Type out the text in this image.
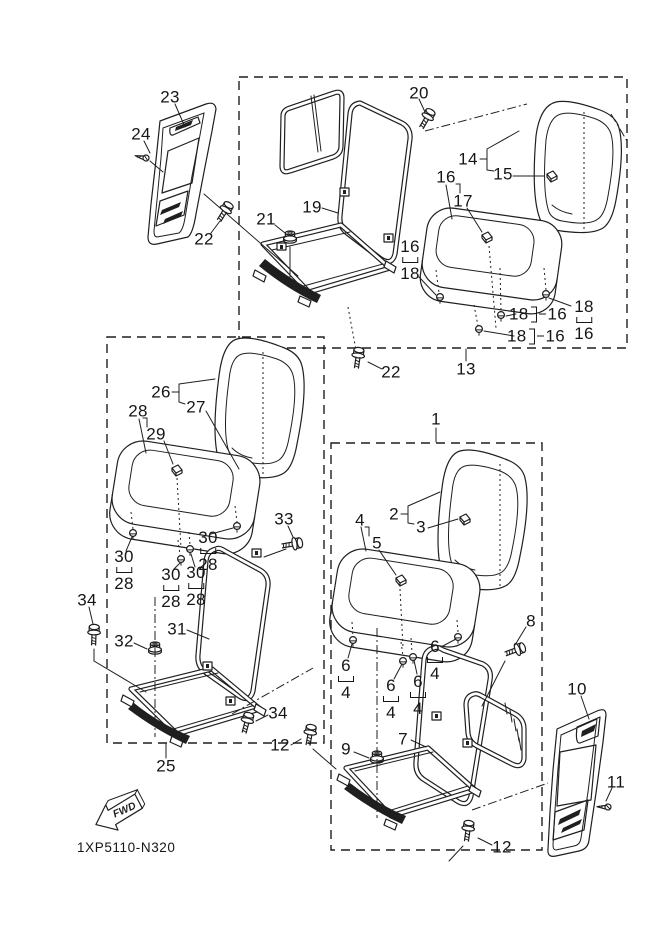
FWD
23
24
20
19
21
22
14
15
16
17
16
18
18 16
18 16
18
16
22	13
26
27
28
29
30
28 30
28
30
28
30
28
31
32
33
34
34
25
1
2
3
4
5
6
4 6
4
6
4
6
4
7
8
9
10
11
12
12
1XP5110-N320
